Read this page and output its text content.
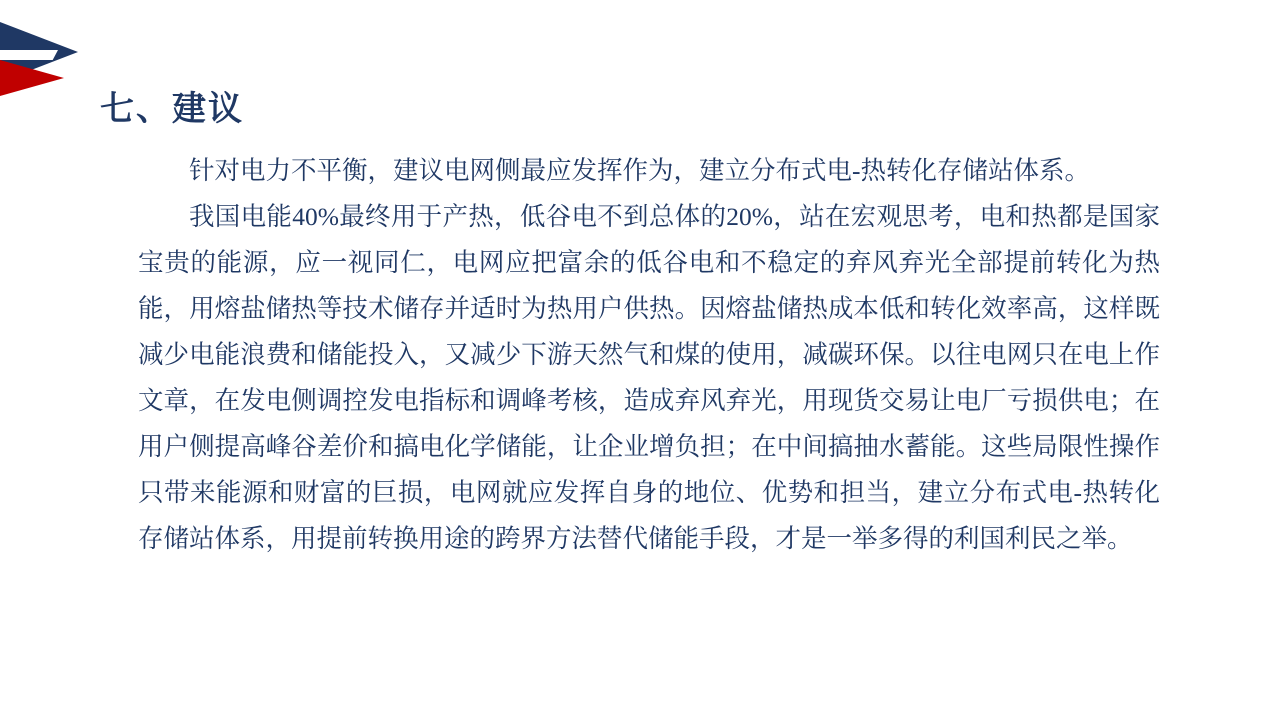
七、建议

针对电力不平衡，建议电网侧最应发挥作为，建立分布式电-热转化存储站体系。

我国电能40%最终用于产热，低谷电不到总体的20%，站在宏观思考，电和热都是国家宝贵的能源，应一视同仁，电网应把富余的低谷电和不稳定的弃风弃光全部提前转化为热能，用熔盐储热等技术储存并适时为热用户供热。因熔盐储热成本低和转化效率高，这样既减少电能浪费和储能投入，又减少下游天然气和煤的使用，减碳环保。以往电网只在电上作文章，在发电侧调控发电指标和调峰考核，造成弃风弃光，用现货交易让电厂亏损供电；在用户侧提高峰谷差价和搞电化学储能，让企业增负担；在中间搞抽水蓄能。这些局限性操作只带来能源和财富的巨损，电网就应发挥自身的地位、优势和担当，建立分布式电-热转化存储站体系，用提前转换用途的跨界方法替代储能手段，才是一举多得的利国利民之举。
